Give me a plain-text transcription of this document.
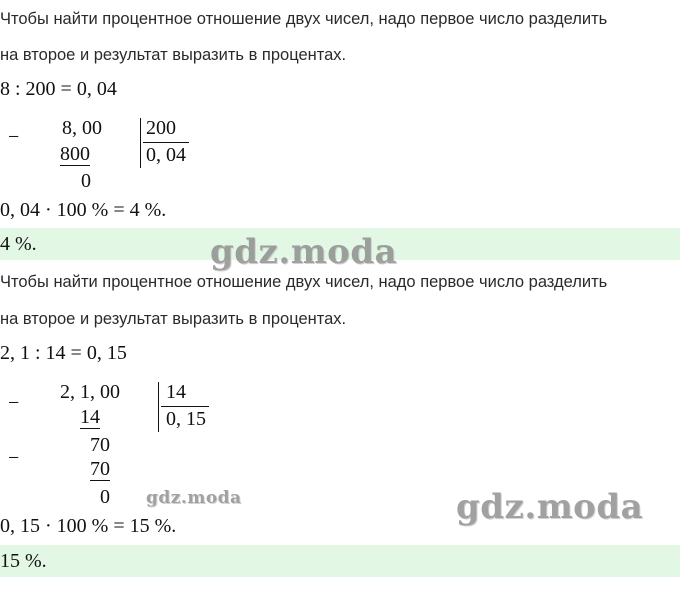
Чтобы найти процентное отношение двух чисел, надо первое число разделить
на второе и результат выразить в процентах.
8 : 200 = 0, 04
− 8, 00
800
0
200
0, 04
0, 04 · 100 % = 4 %.
4 %.	gdz.moda
Чтобы найти процентное отношение двух чисел, надо первое число разделить
на второе и результат выразить в процентах.
2, 1 : 14 = 0, 15
− 2, 1, 00
14
70
−	70
0
14
0, 15
gdz.moda
0, 15 · 100 % = 15 %.	gdz.moda
15 %.
